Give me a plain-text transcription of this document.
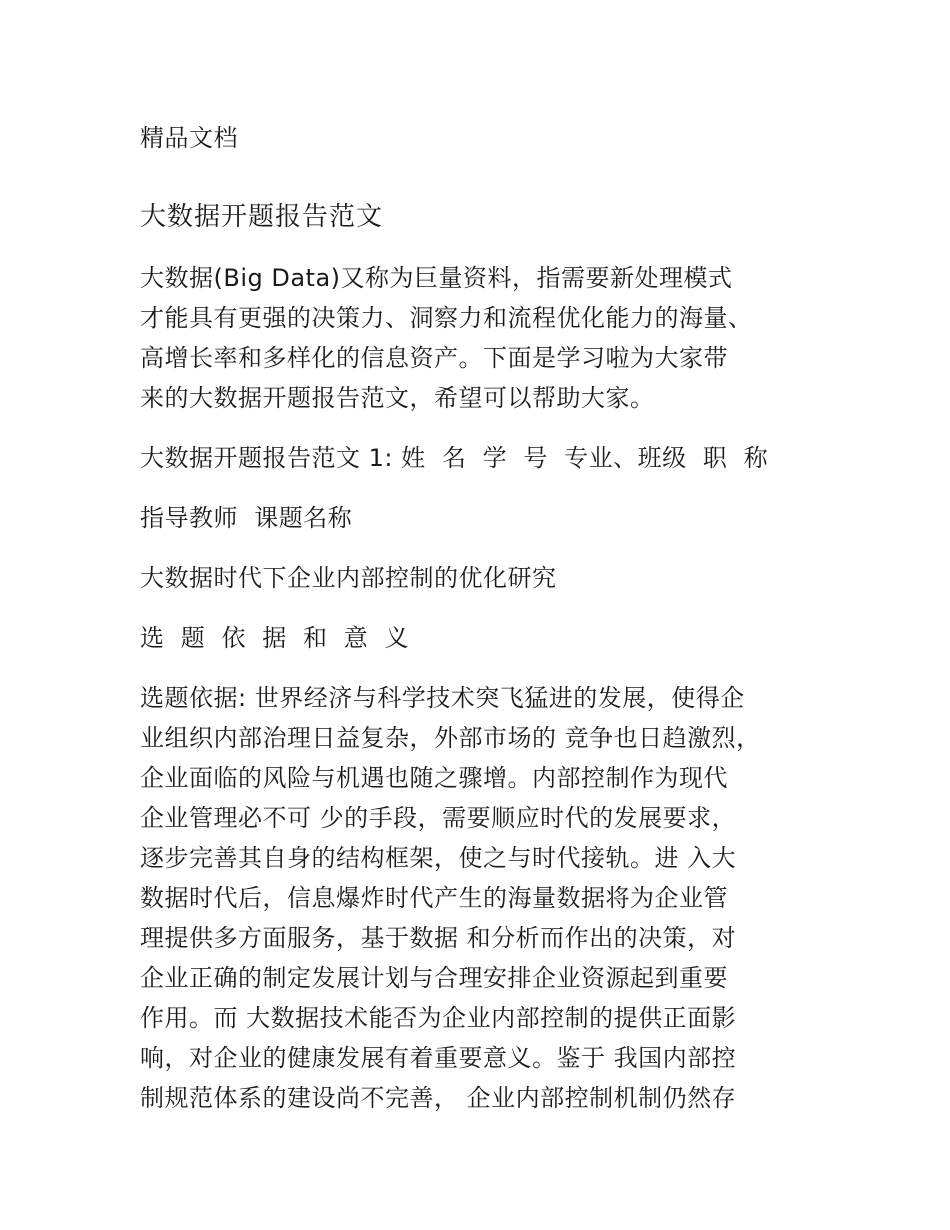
精品文档
大数据开题报告范文
大数据(Big Data)又称为巨量资料，指需要新处理模式
才能具有更强的决策力、洞察力和流程优化能力的海量、
高增长率和多样化的信息资产。下面是学习啦为大家带
来的大数据开题报告范文，希望可以帮助大家。
大数据开题报告范文 1: 姓  名  学  号  专业、班级  职  称
指导教师  课题名称
大数据时代下企业内部控制的优化研究
选  题  依  据  和  意  义
选题依据: 世界经济与科学技术突飞猛进的发展，使得企
业组织内部治理日益复杂，外部市场的 竞争也日趋激烈，
企业面临的风险与机遇也随之骤增。内部控制作为现代
企业管理必不可 少的手段，需要顺应时代的发展要求，
逐步完善其自身的结构框架，使之与时代接轨。进 入大
数据时代后，信息爆炸时代产生的海量数据将为企业管
理提供多方面服务，基于数据 和分析而作出的决策，对
企业正确的制定发展计划与合理安排企业资源起到重要
作用。而 大数据技术能否为企业内部控制的提供正面影
响，对企业的健康发展有着重要意义。鉴于 我国内部控
制规范体系的建设尚不完善， 企业内部控制机制仍然存
